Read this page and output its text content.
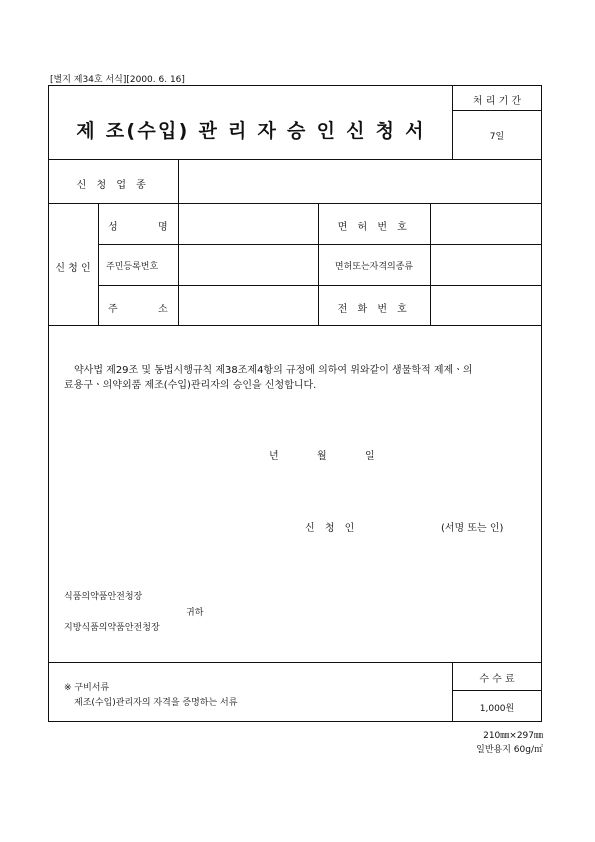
[별지 제34호 서식][2000. 6. 16]
제 조(수입) 관 리 자 승 인 신 청 서
처 리 기 간
7일
신 청 업 종
신 청 인
성	명	면 허 번 호
주민등록번호	면허또는자격의종류
주	소	전 화 번 호
약사법 제29조 및 동법시행규칙 제38조제4항의 규정에 의하여 위와같이 생물학적 제제ㆍ의
료용구ㆍ의약외품 제조(수입)관리자의 승인을 신청합니다.
년	월	일
신 청 인	(서명 또는 인)
식품의약품안전청장
귀하
지방식품의약품안전청장
※ 구비서류
제조(수입)관리자의 자격을 증명하는 서류
수 수 료
1,000원
210㎜×297㎜
일반용지 60g/㎡
